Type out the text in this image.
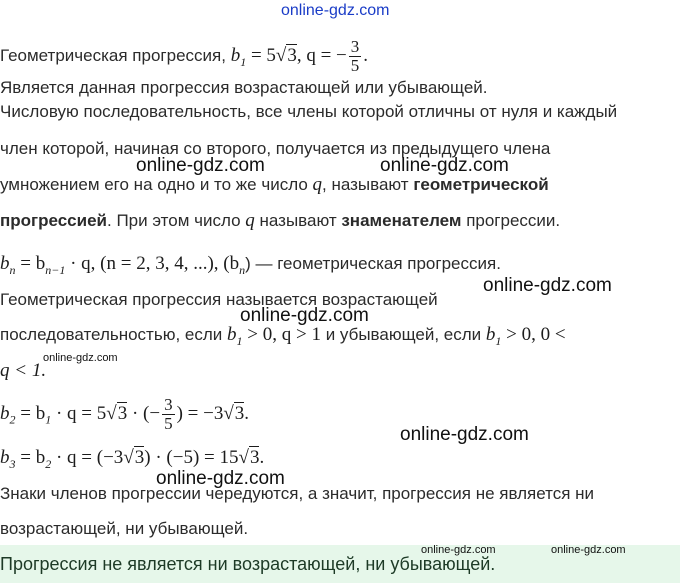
online-gdz.com
Геометрическая прогрессия, $b_1 = 5√3$, q = − $\frac{3}{5}$ .
Является данная прогрессия возрастающей или убывающей.
Числовую последовательность, все члены которой отличны от нуля и каждый
член которой, начиная со второго, получается из предыдущего члена
умножением его на одно и то же число q, называют геометрической
прогрессией. При этом число q называют знаменателем прогрессии.
$b_n = b_{n-1} \cdot q$, (n = 2, 3, 4, ...), $(b_n)$ — геометрическая прогрессия.
Геометрическая прогрессия называется возрастающей
последовательностью, если $b_1 > 0$, q > 1 и убывающей, если $b_1 > 0$, 0 <
q < 1.
$b_2 = b_1 \cdot q = 5√3$ · (− $\frac{3}{5}$ ) = −3√3.
$b_3 = b_2 \cdot q = (-3√3) \cdot (-5) = 15√3$.
Знаки членов прогрессии чередуются, а значит, прогрессия не является ни
возрастающей, ни убывающей.
Прогрессия не является ни возрастающей, ни убывающей.
online-gdz.com	online-gdz.com
online-gdz.com
online-gdz.com
online-gdz.com
online-gdz.com
online-gdz.com
online-gdz.com	online-gdz.com
